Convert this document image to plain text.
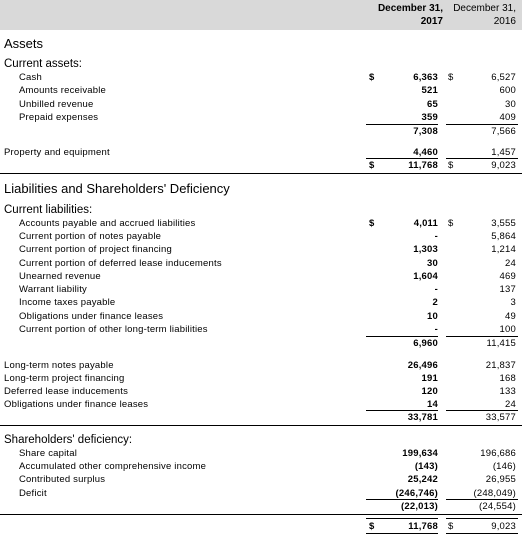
December 31,
2017
December 31,
2016
Assets
Current assets:
Cash	$	6,363 $	6,527
Amounts receivable	521	600
Unbilled revenue	65	30
Prepaid expenses	359	409
7,308	7,566
Property and equipment	4,460	1,457
$	11,768 $	9,023
Liabilities and Shareholders' Deficiency
Current liabilities:
Accounts payable and accrued liabilities	$	4,011 $	3,555
Current portion of notes payable	-	5,864
Current portion of project financing	1,303	1,214
Current portion of deferred lease inducements	30	24
Unearned revenue	1,604	469
Warrant liability	-	137
Income taxes payable	2	3
Obligations under finance leases	10	49
Current portion of other long-term liabilities	-	100
6,960	11,415
Long-term notes payable	26,496	21,837
Long-term project financing	191	168
Deferred lease inducements	120	133
Obligations under finance leases	14	24
33,781	33,577
Shareholders' deficiency:
Share capital	199,634	196,686
Accumulated other comprehensive income	(143)	(146)
Contributed surplus	25,242	26,955
Deficit	(246,746)	(248,049)
(22,013)	(24,554)
$	11,768 $	9,023
